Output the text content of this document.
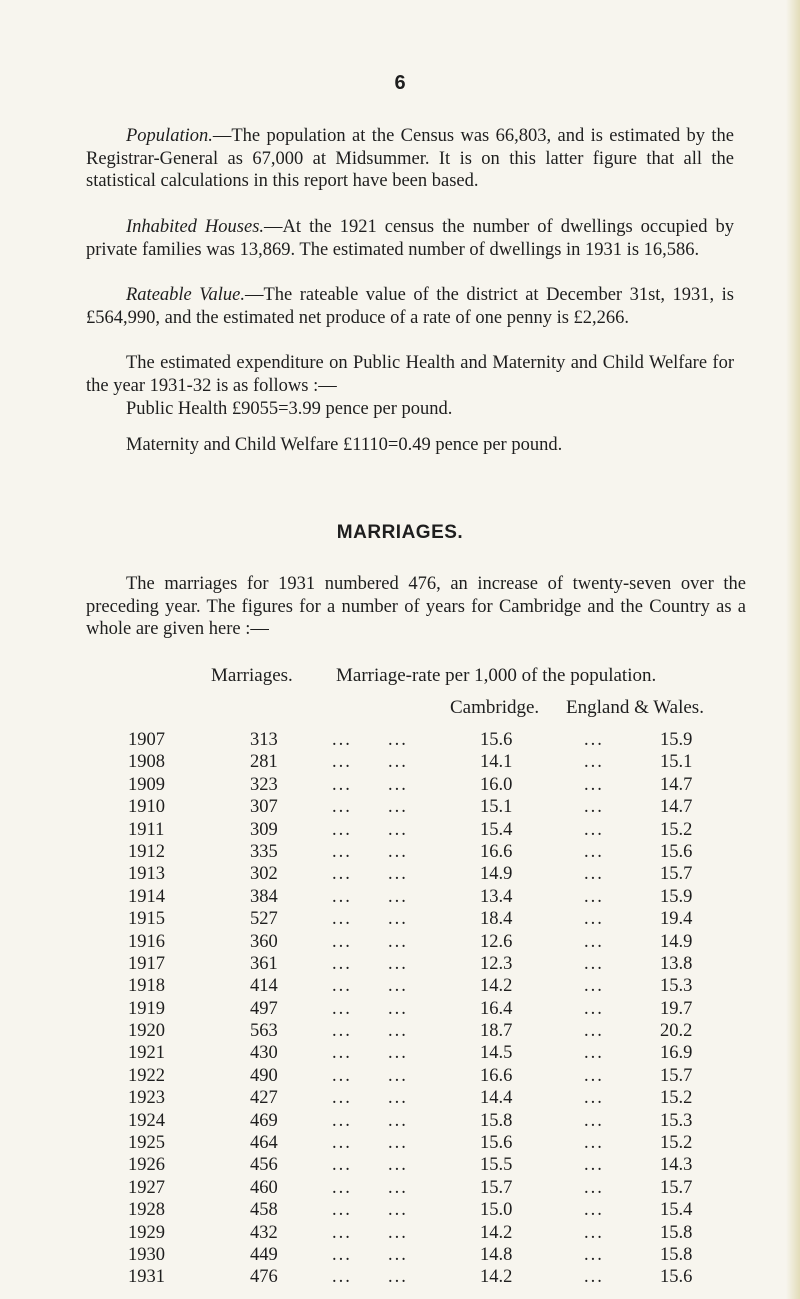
6

Population.—The population at the Census was 66,803, and is estimated by the Registrar-General as 67,000 at Midsummer. It is on this latter figure that all the statistical calculations in this report have been based.

Inhabited Houses.—At the 1921 census the number of dwellings occupied by private families was 13,869. The estimated number of dwellings in 1931 is 16,586.

Rateable Value.—The rateable value of the district at December 31st, 1931, is £564,990, and the estimated net produce of a rate of one penny is £2,266.

The estimated expenditure on Public Health and Maternity and Child Welfare for the year 1931-32 is as follows :—

Public Health £9055=3.99 pence per pound.

Maternity and Child Welfare £1110=0.49 pence per pound.

MARRIAGES.

The marriages for 1931 numbered 476, an increase of twenty-seven over the preceding year. The figures for a number of years for Cambridge and the Country as a whole are given here :—

Marriages. Marriage-rate per 1,000 of the population.
Cambridge. England & Wales.
1907	313	... ...	15.6	...	15.9
1908	281	... ...	14.1	...	15.1
1909	323	... ...	16.0	...	14.7
1910	307	... ...	15.1	...	14.7
1911	309	... ...	15.4	...	15.2
1912	335	... ...	16.6	...	15.6
1913	302	... ...	14.9	...	15.7
1914	384	... ...	13.4	...	15.9
1915	527	... ...	18.4	...	19.4
1916	360	... ...	12.6	...	14.9
1917	361	... ...	12.3	...	13.8
1918	414	... ...	14.2	...	15.3
1919	497	... ...	16.4	...	19.7
1920	563	... ...	18.7	...	20.2
1921	430	... ...	14.5	...	16.9
1922	490	... ...	16.6	...	15.7
1923	427	... ...	14.4	...	15.2
1924	469	... ...	15.8	...	15.3
1925	464	... ...	15.6	...	15.2
1926	456	... ...	15.5	...	14.3
1927	460	... ...	15.7	...	15.7
1928	458	... ...	15.0	...	15.4
1929	432	... ...	14.2	...	15.8
1930	449	... ...	14.8	...	15.8
1931	476	... ...	14.2	...	15.6
